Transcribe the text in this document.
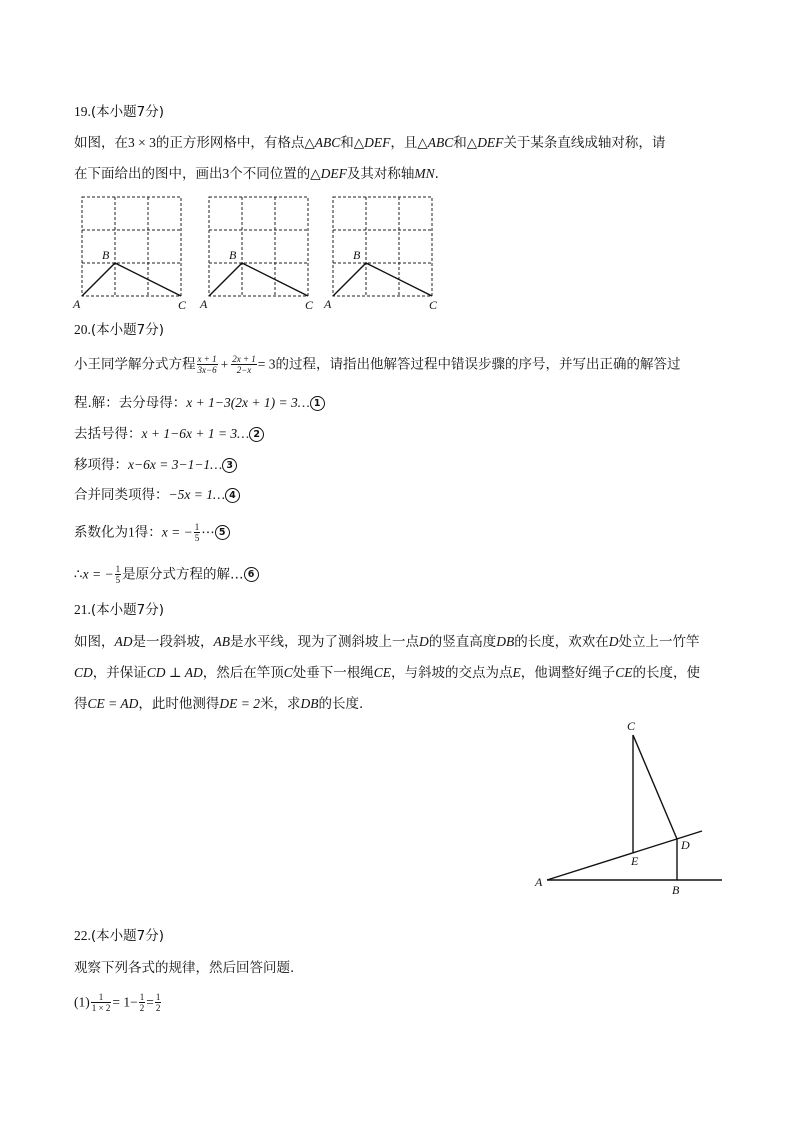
19.(本小题7分)
如图，在3 × 3的正方形网格中，有格点△ABC和△DEF，且△ABC和△DEF关于某条直线成轴对称，请
在下面给出的图中，画出3个不同位置的△DEF及其对称轴MN.
A
B
C A
B
C A
B
C
20.(本小题7分)
小王同学解分式方程 $\frac{x + 1}{3x-6} + \frac{2x + 1}{2-x} = 3$的过程，请指出他解答过程中错误步骤的序号，并写出正确的解答过
程.解：去分母得：x + 1−3(2x + 1) = 3… 1
去括号得：x + 1−6x + 1 = 3… 2
移项得：x−6x = 3−1−1… 3
合并同类项得：−5x = 1… 4
系数化为1得：x = − $\frac{1}{5}$ ⋯ 5
∴x = − $\frac{1}{5}$ 是原分式方程的解… 6
21.(本小题7分)
如图，AD是一段斜坡，AB是水平线，现为了测斜坡上一点D的竖直高度DB的长度，欢欢在D处立上一竹竿
CD，并保证CD ⊥ AD，然后在竿顶C处垂下一根绳CE，与斜坡的交点为点E，他调整好绳子CE的长度，使
得CE = AD，此时他测得DE = 2米，求DB的长度.
C
D
E
A
B
22.(本小题7分)
观察下列各式的规律，然后回答问题.
$(1) \frac{1}{1 \times 2} = 1- \frac{1}{2} = \frac{1}{2}$
